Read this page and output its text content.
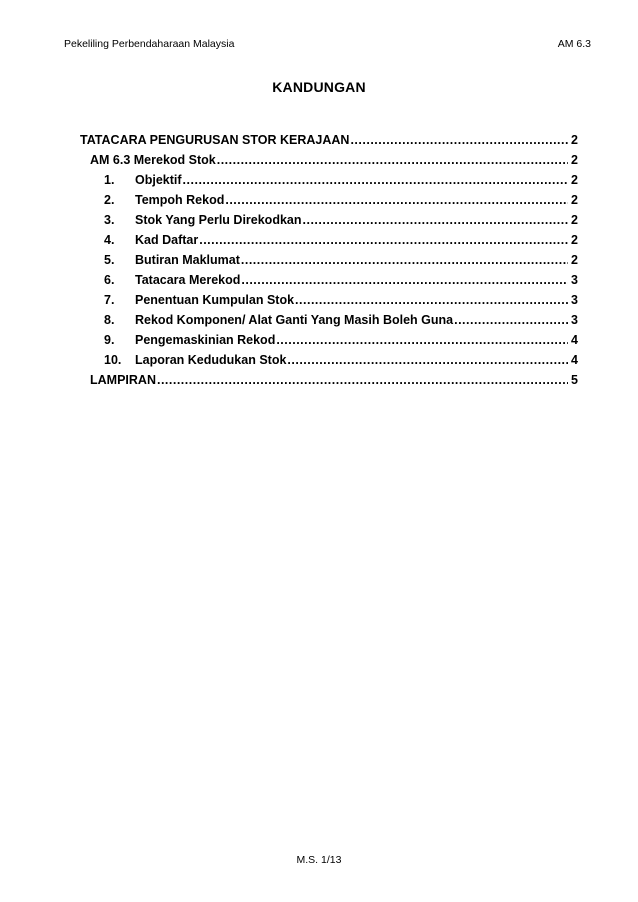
Pekeliling Perbendaharaan Malaysia	AM 6.3
KANDUNGAN
TATACARA PENGURUSAN STOR KERAJAAN .....	2
AM 6.3 Merekod Stok .....	2
1.	Objektif .....	2
2.	Tempoh Rekod .....	2
3.	Stok Yang Perlu Direkodkan .....	2
4.	Kad Daftar .....	2
5.	Butiran Maklumat .....	2
6.	Tatacara Merekod .....	3
7.	Penentuan Kumpulan Stok .....	3
8.	Rekod Komponen/ Alat Ganti Yang Masih Boleh Guna .....	3
9.	Pengemaskinian Rekod .....	4
10.	Laporan Kedudukan Stok .....	4
LAMPIRAN .....	5
M.S. 1/13
